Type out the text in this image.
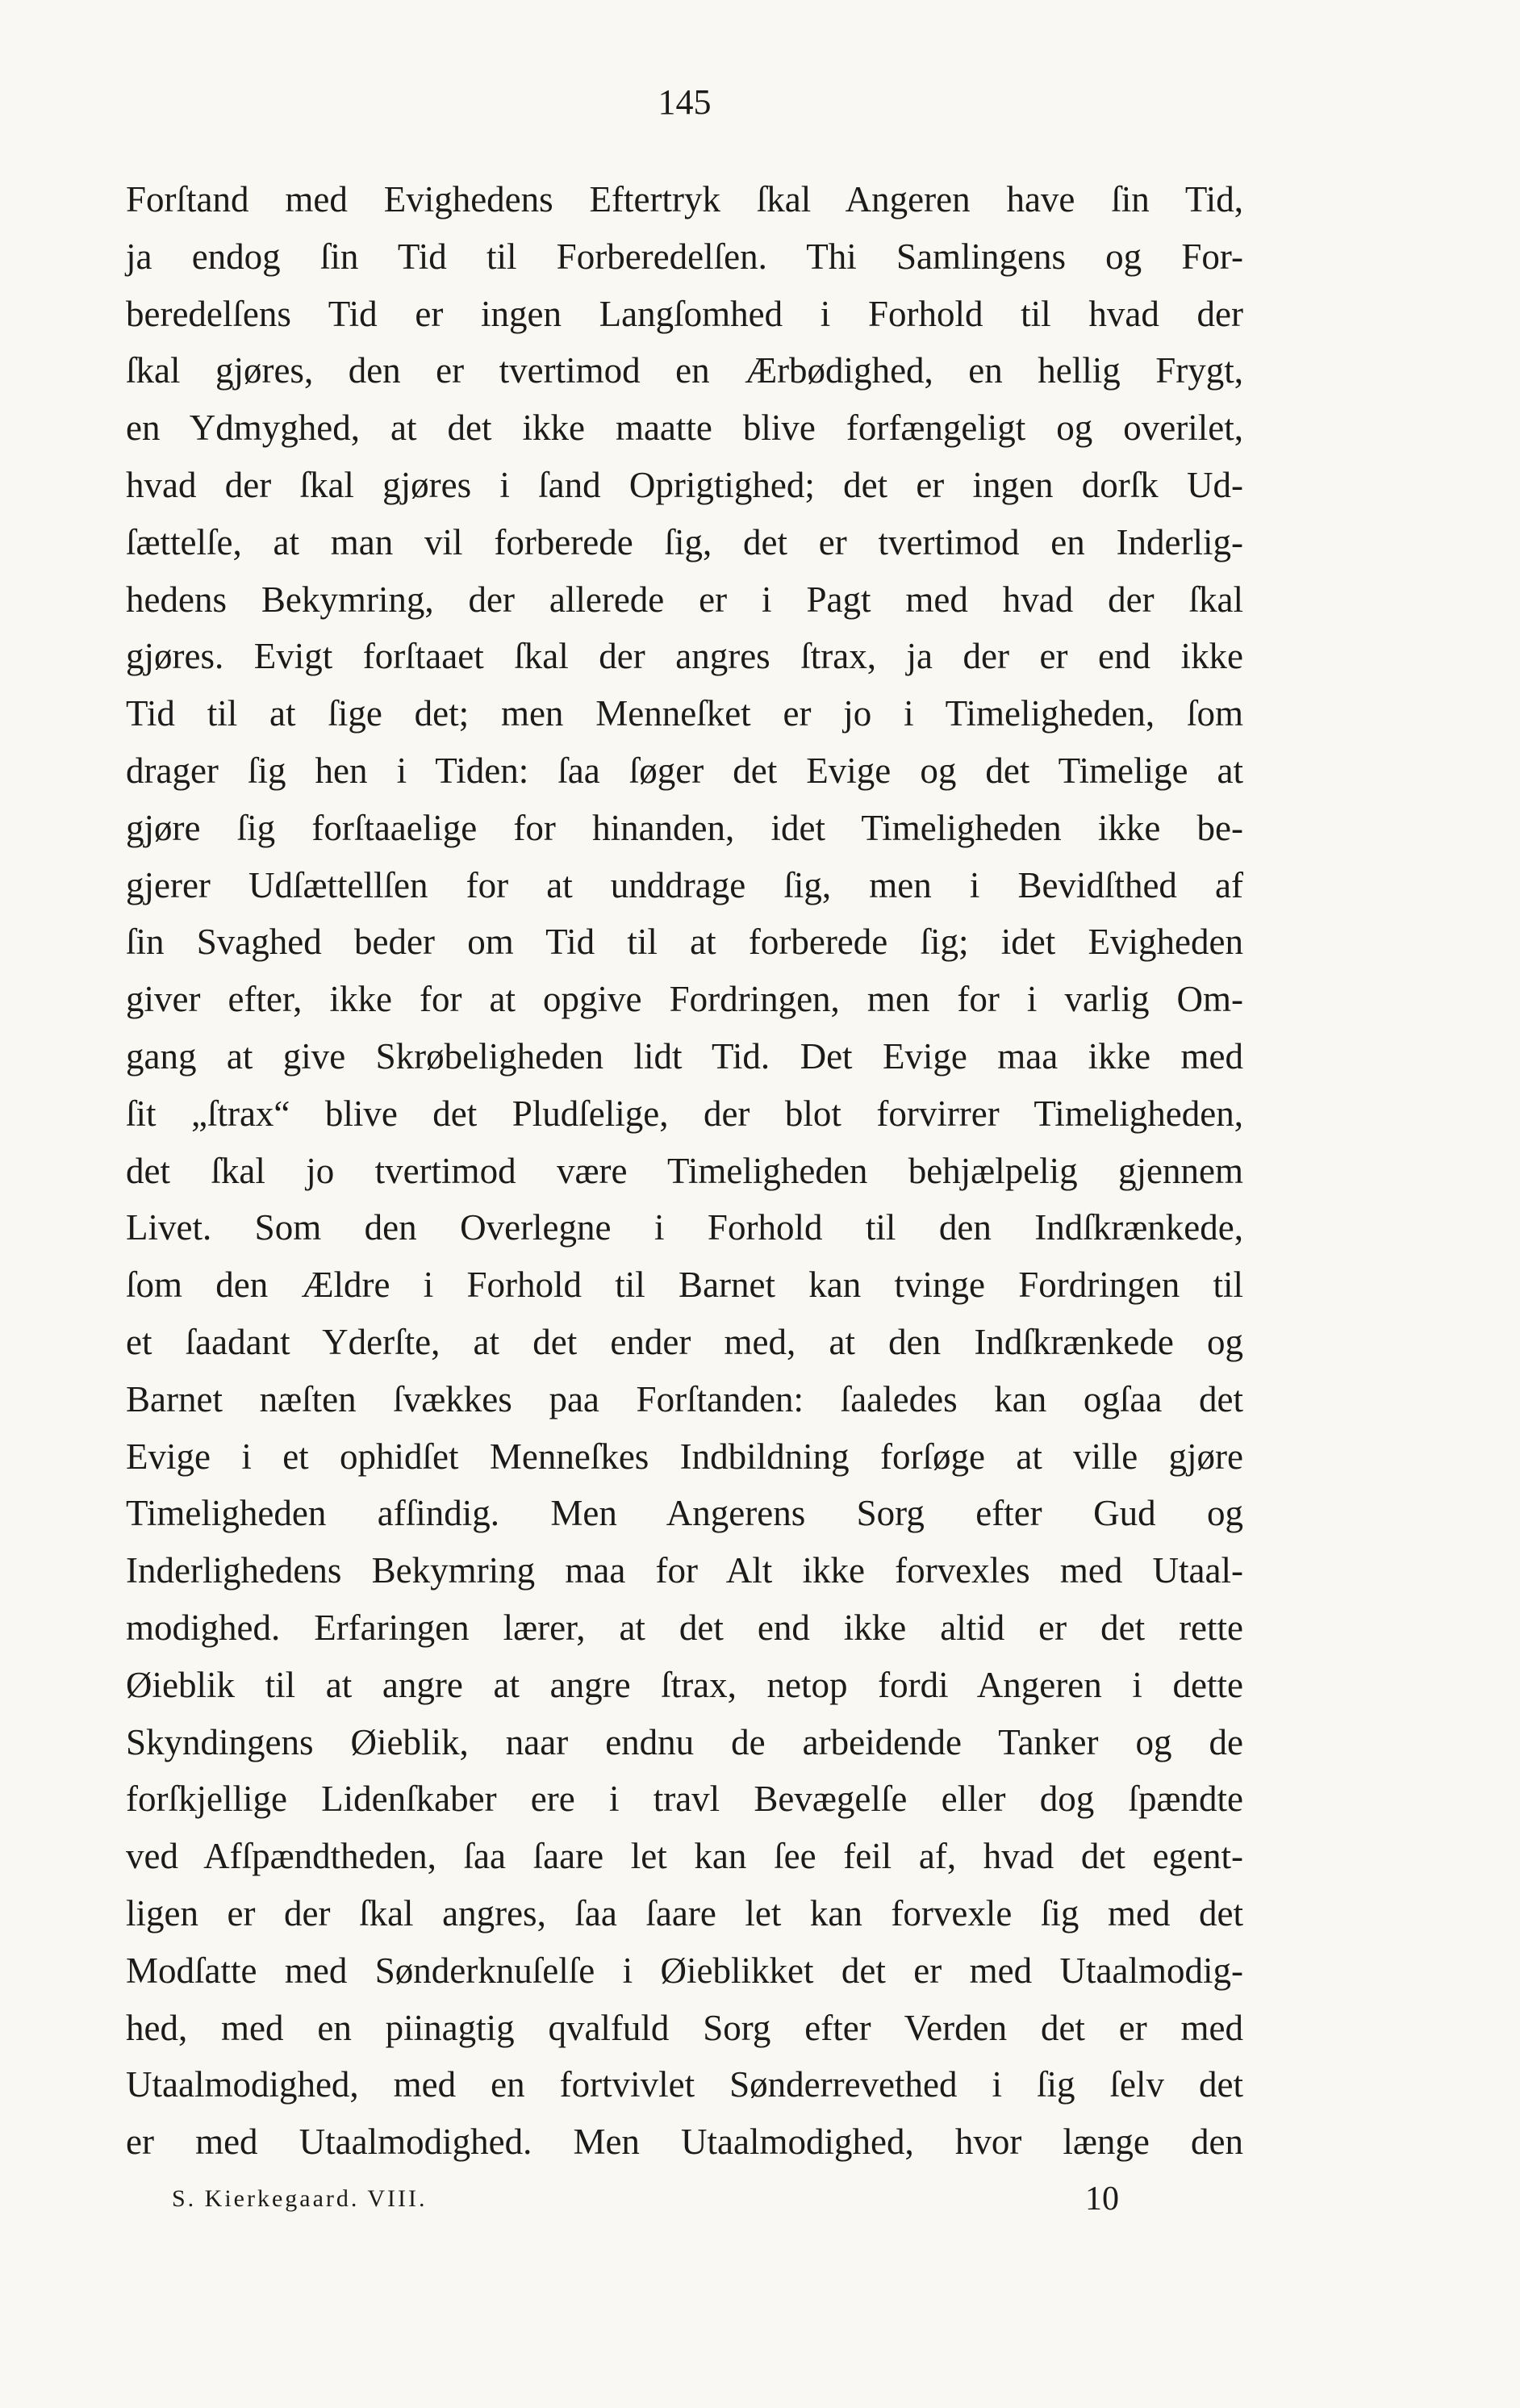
145
Forſtand med Evighedens Eftertryk ſkal Angeren have ſin Tid,
ja endog ſin Tid til Forberedelſen. Thi Samlingens og For-
beredelſens Tid er ingen Langſomhed i Forhold til hvad der
ſkal gjøres, den er tvertimod en Ærbødighed, en hellig Frygt,
en Ydmyghed, at det ikke maatte blive forfængeligt og overilet,
hvad der ſkal gjøres i ſand Oprigtighed; det er ingen dorſk Ud-
ſættelſe, at man vil forberede ſig, det er tvertimod en Inderlig-
hedens Bekymring, der allerede er i Pagt med hvad der ſkal
gjøres. Evigt forſtaaet ſkal der angres ſtrax, ja der er end ikke
Tid til at ſige det; men Menneſket er jo i Timeligheden, ſom
drager ſig hen i Tiden: ſaa ſøger det Evige og det Timelige at
gjøre ſig forſtaaelige for hinanden, idet Timeligheden ikke be-
gjerer Udſættellſen for at unddrage ſig, men i Bevidſthed af
ſin Svaghed beder om Tid til at forberede ſig; idet Evigheden
giver efter, ikke for at opgive Fordringen, men for i varlig Om-
gang at give Skrøbeligheden lidt Tid. Det Evige maa ikke med
ſit „ſtrax“ blive det Pludſelige, der blot forvirrer Timeligheden,
det ſkal jo tvertimod være Timeligheden behjælpelig gjennem
Livet. Som den Overlegne i Forhold til den Indſkrænkede,
ſom den Ældre i Forhold til Barnet kan tvinge Fordringen til
et ſaadant Yderſte, at det ender med, at den Indſkrænkede og
Barnet næſten ſvækkes paa Forſtanden: ſaaledes kan ogſaa det
Evige i et ophidſet Menneſkes Indbildning forſøge at ville gjøre
Timeligheden afſindig. Men Angerens Sorg efter Gud og
Inderlighedens Bekymring maa for Alt ikke forvexles med Utaal-
modighed. Erfaringen lærer, at det end ikke altid er det rette
Øieblik til at angre at angre ſtrax, netop fordi Angeren i dette
Skyndingens Øieblik, naar endnu de arbeidende Tanker og de
forſkjellige Lidenſkaber ere i travl Bevægelſe eller dog ſpændte
ved Afſpændtheden, ſaa ſaare let kan ſee feil af, hvad det egent-
ligen er der ſkal angres, ſaa ſaare let kan forvexle ſig med det
Modſatte med Sønderknuſelſe i Øieblikket det er med Utaalmodig-
hed, med en piinagtig qvalfuld Sorg efter Verden det er med
Utaalmodighed, med en fortvivlet Sønderrevethed i ſig ſelv det
er med Utaalmodighed. Men Utaalmodighed, hvor længe den
S. Kierkegaard. VIII.	10
